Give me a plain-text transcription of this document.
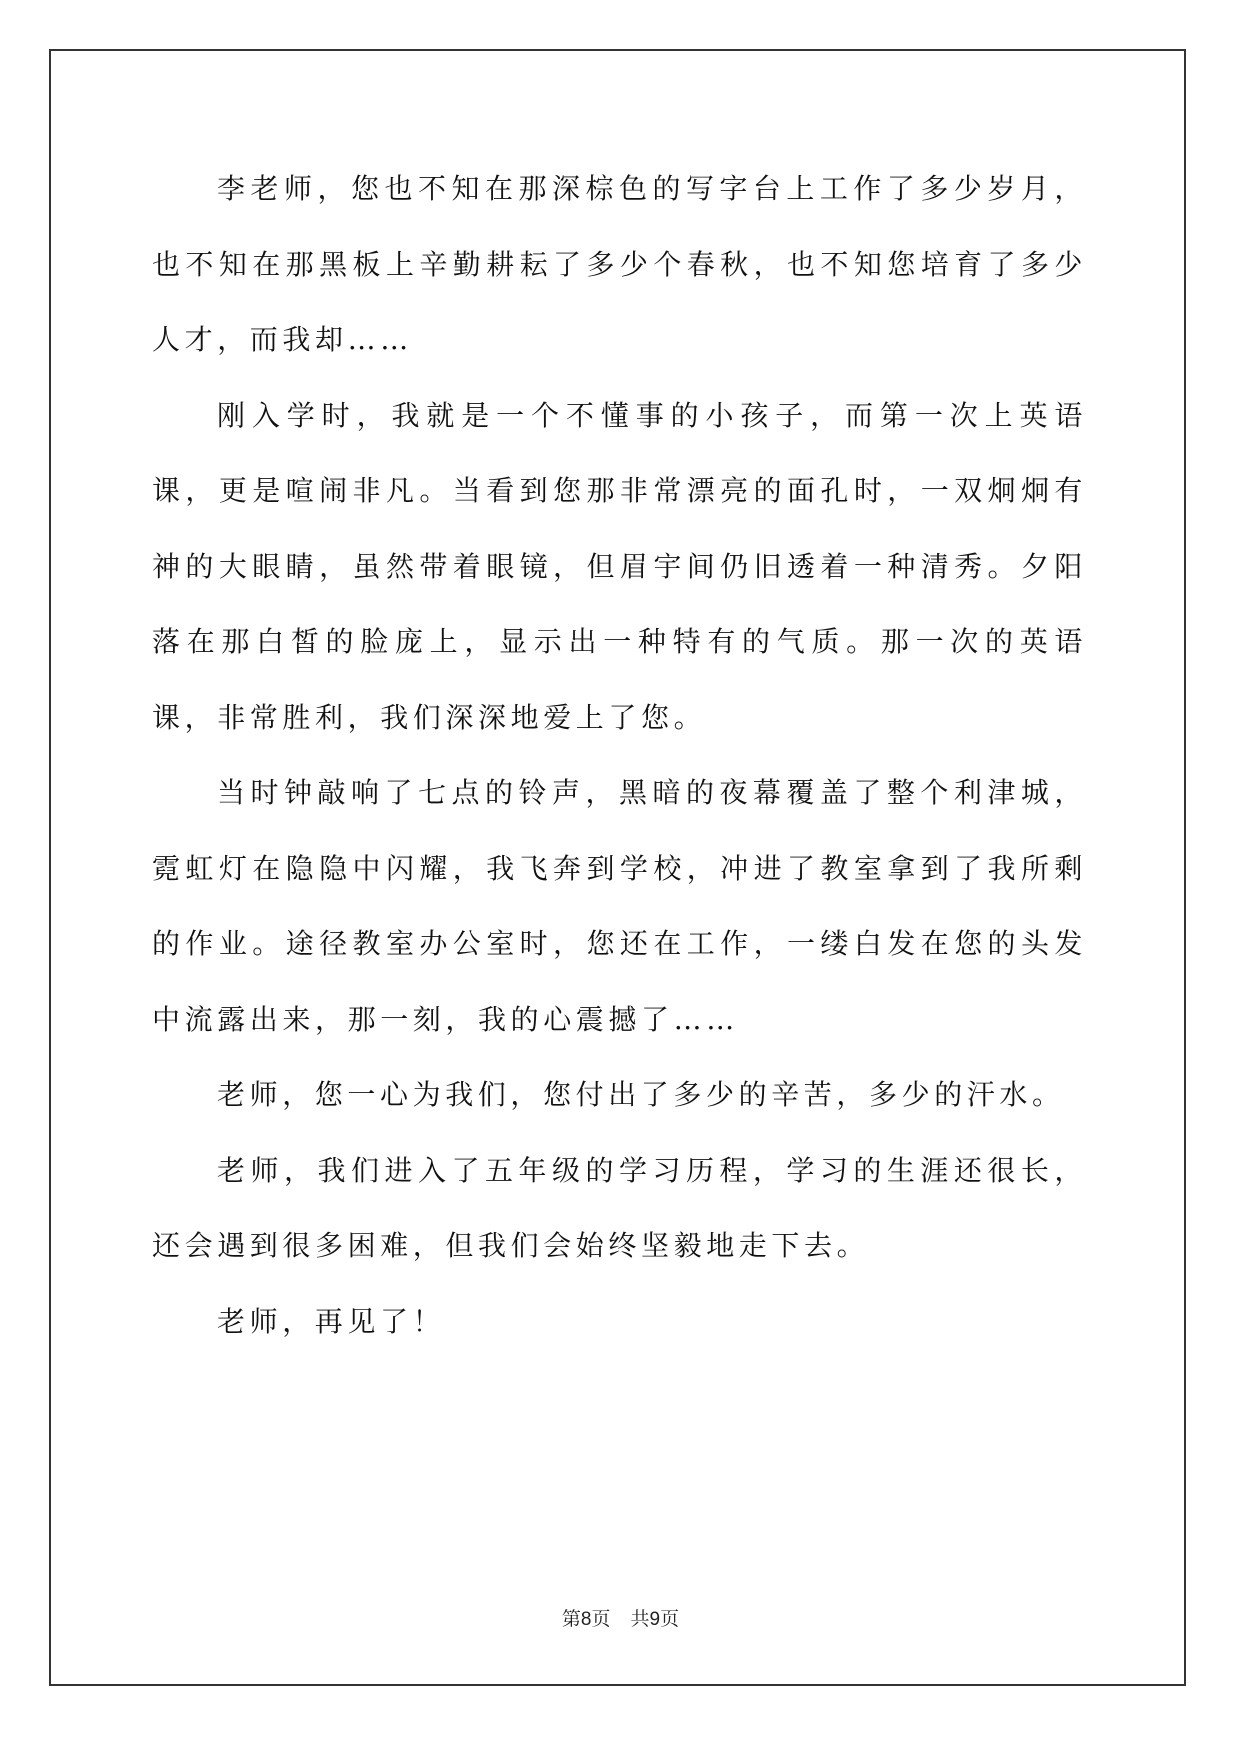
李老师，您也不知在那深棕色的写字台上工作了多少岁月，也不知在那黑板上辛勤耕耘了多少个春秋，也不知您培育了多少人才，而我却……

刚入学时，我就是一个不懂事的小孩子，而第一次上英语课，更是喧闹非凡。当看到您那非常漂亮的面孔时，一双炯炯有神的大眼睛，虽然带着眼镜，但眉宇间仍旧透着一种清秀。夕阳落在那白皙的脸庞上，显示出一种特有的气质。那一次的英语课，非常胜利，我们深深地爱上了您。

当时钟敲响了七点的铃声，黑暗的夜幕覆盖了整个利津城，霓虹灯在隐隐中闪耀，我飞奔到学校，冲进了教室拿到了我所剩的作业。途径教室办公室时，您还在工作，一缕白发在您的头发中流露出来，那一刻，我的心震撼了……

老师，您一心为我们，您付出了多少的辛苦，多少的汗水。

老师，我们进入了五年级的学习历程，学习的生涯还很长，还会遇到很多困难，但我们会始终坚毅地走下去。

老师，再见了！

第8页 共9页
